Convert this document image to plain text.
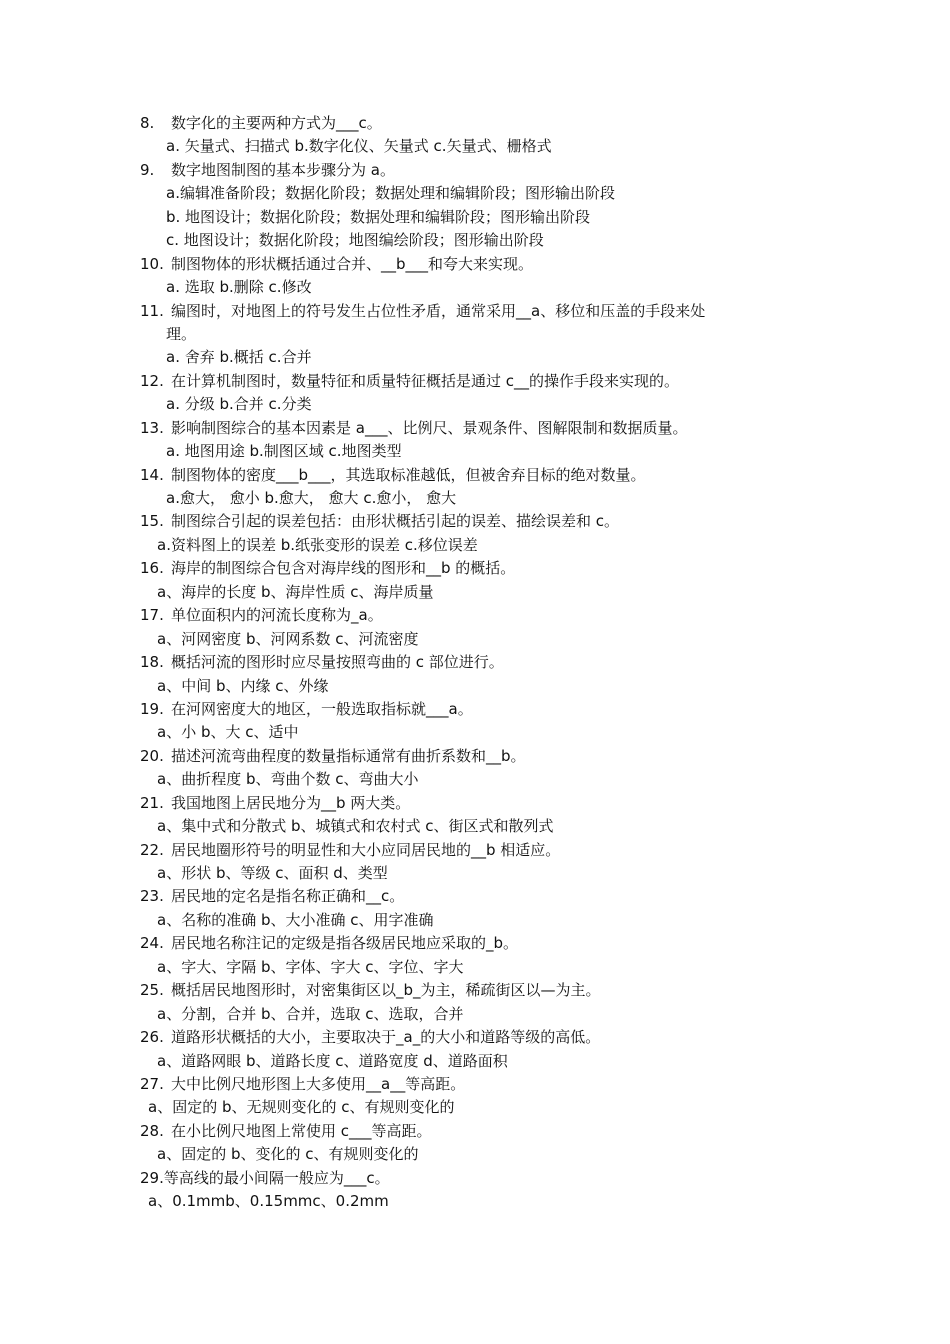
8. 数字化的主要两种方式为___c。
a. 矢量式、扫描式 b.数字化仪、矢量式 c.矢量式、栅格式
9. 数字地图制图的基本步骤分为 a。
a.编辑准备阶段；数据化阶段；数据处理和编辑阶段；图形输出阶段
b. 地图设计；数据化阶段；数据处理和编辑阶段；图形输出阶段
c. 地图设计；数据化阶段；地图编绘阶段；图形输出阶段
10. 制图物体的形状概括通过合并、__b___和夸大来实现。
a. 选取 b.删除 c.修改
11. 编图时，对地图上的符号发生占位性矛盾，通常采用__a、移位和压盖的手段来处
理。
a. 舍弃 b.概括 c.合并
12. 在计算机制图时，数量特征和质量特征概括是通过 c__的操作手段来实现的。
a. 分级 b.合并 c.分类
13. 影响制图综合的基本因素是 a___、比例尺、景观条件、图解限制和数据质量。
a. 地图用途 b.制图区域 c.地图类型
14. 制图物体的密度___b___，其选取标准越低，但被舍弃目标的绝对数量。
a.愈大， 愈小 b.愈大， 愈大 c.愈小， 愈大
15. 制图综合引起的误差包括：由形状概括引起的误差、描绘误差和 c。
a.资料图上的误差 b.纸张变形的误差 c.移位误差
16. 海岸的制图综合包含对海岸线的图形和__b 的概括。
a、海岸的长度 b、海岸性质 c、海岸质量
17. 单位面积内的河流长度称为_a。
a、河网密度 b、河网系数 c、河流密度
18. 概括河流的图形时应尽量按照弯曲的 c 部位进行。
a、中间 b、内缘 c、外缘
19. 在河网密度大的地区，一般选取指标就___a。
a、小 b、大 c、适中
20. 描述河流弯曲程度的数量指标通常有曲折系数和__b。
a、曲折程度 b、弯曲个数 c、弯曲大小
21. 我国地图上居民地分为__b 两大类。
a、集中式和分散式 b、城镇式和农村式 c、街区式和散列式
22. 居民地圈形符号的明显性和大小应同居民地的__b 相适应。
a、形状 b、等级 c、面积 d、类型
23. 居民地的定名是指名称正确和__c。
a、名称的准确 b、大小准确 c、用字准确
24. 居民地名称注记的定级是指各级居民地应采取的_b。
a、字大、字隔 b、字体、字大 c、字位、字大
25. 概括居民地图形时，对密集街区以_b_为主，稀疏街区以—为主。
a、分割，合并 b、合并，选取 c、选取，合并
26. 道路形状概括的大小，主要取决于_a_的大小和道路等级的高低。
a、道路网眼 b、道路长度 c、道路宽度 d、道路面积
27. 大中比例尺地形图上大多使用__a__等高距。
a、固定的 b、无规则变化的 c、有规则变化的
28. 在小比例尺地图上常使用 c___等高距。
a、固定的 b、变化的 c、有规则变化的
29.等高线的最小间隔一般应为___c。
a、0.1mmb、0.15mmc、0.2mm
